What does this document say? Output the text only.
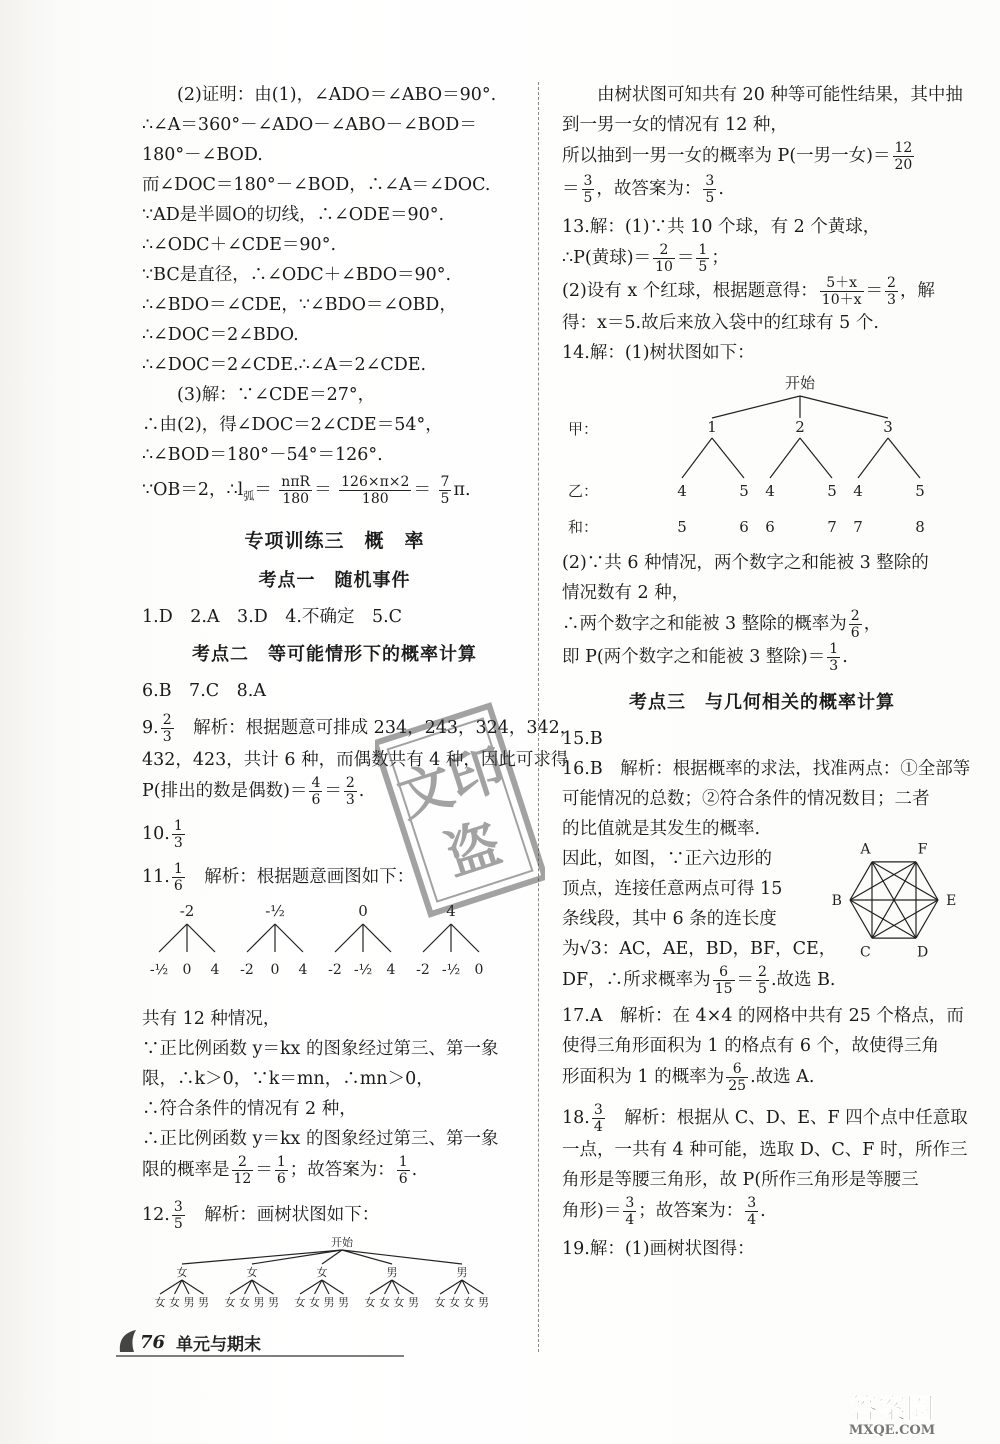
(2)证明：由(1)，∠ADO＝∠ABO＝90°.
∴∠A＝360°－∠ADO－∠ABO－∠BOD＝
180°－∠BOD.
而∠DOC＝180°－∠BOD，∴∠A＝∠DOC.
∵AD是半圆O的切线，∴∠ODE＝90°.
∴∠ODC＋∠CDE＝90°.
∵BC是直径，∴∠ODC＋∠BDO＝90°.
∴∠BDO＝∠CDE，∵∠BDO＝∠OBD，
∴∠DOC＝2∠BDO.
∴∠DOC＝2∠CDE.∴∠A＝2∠CDE.
(3)解：∵∠CDE＝27°，
∴由(2)，得∠DOC＝2∠CDE＝54°，
∴∠BOD＝180°－54°＝126°.
∵OB＝2，$\therefore l_弧= \frac{\text{nπR}}{180} = \frac{126\times\pi\times 2}{180} = \frac{7}{5} \pi$.
专项训练三　概　率
考点一　随机事件
1.D　2.A　3.D　4.不确定　5.C
考点二　等可能情形下的概率计算
6.B　7.C　8.A
9. $\frac{2}{3}$
　 解析：根据题意可排成 234，243，324，342，
432，423，共计 6 种，而偶数共有 4 种，因此可求得
P(排出的数是偶数)＝ $\frac{4}{6} = \frac{2}{3}$ .
10. $\frac{1}{3}$
11. $\frac{1}{6}$
　 解析：根据题意画图如下：
-2
-½ 0 4
-½
-2 0 4
0
-2 -½ 4
4
-2 -½ 0
共有 12 种情况，
∵正比例函数 y＝kx 的图象经过第三、第一象
限，∴k＞0，∵k＝mn，∴mn＞0，
∴符合条件的情况有 2 种，
∴正比例函数 y＝kx 的图象经过第三、第一象
限的概率是 $\frac{2}{12} = \frac{1}{6}$ ；故答案为： $\frac{1}{6}$ .
12. $\frac{3}{5}$
　 解析：画树状图如下：
开始
女
女 女 男 男
女
女 女 男 男
女
女 女 男 男
男
女 女 女 男
男
女 女 女 男
由树状图可知共有 20 种等可能性结果，其中抽
到一男一女的情况有 12 种，
所以抽到一男一女的概率为 P(一男一女)＝ $\frac{12}{20}$
＝ $\frac{3}{5}$ ，故答案为： $\frac{3}{5}$ .
13.解：(1)∵共 10 个球，有 2 个黄球，
∴P(黄球)＝ $\frac{2}{10} = \frac{1}{5}$ ；
(2)设有 x 个红球，根据题意得： $\frac{5+x}{10+x} = \frac{2}{3}$ ，解
得：x＝5.故后来放入袋中的红球有 5 个.
14.解：(1)树状图如下：
开始
甲：
乙：
和：
1
4
5
5
6
2
4
6
5
7
3
4
7
5
8
(2)∵共 6 种情况，两个数字之和能被 3 整除的
情况数有 2 种，
∴两个数字之和能被 3 整除的概率为 $\frac{2}{6}$ ，
即 P(两个数字之和能被 3 整除)＝ $\frac{1}{3}$ .
考点三　与几何相关的概率计算
15.B
16.B　解析：根据概率的求法，找准两点：①全部等
可能情况的总数；②符合条件的情况数目；二者
的比值就是其发生的概率.
因此，如图，∵正六边形的
顶点，连接任意两点可得 15
条线段，其中 6 条的连长度
为√3：AC，AE，BD，BF，CE，
DF，∴所求概率为 $\frac{6}{15} = \frac{2}{5}$ .故选 B.
A	F
E
D
C
B
17.A　解析：在 4×4 的网格中共有 25 个格点，而
使得三角形面积为 1 的格点有 6 个，故使得三角
形面积为 1 的概率为 $\frac{6}{25}$ .故选 A.
18. $\frac{3}{4}$
　 解析：根据从 C、D、E、F 四个点中任意取
一点，一共有 4 种可能，选取 D、C、F 时，所作三
角形是等腰三角形，故 P(所作三角形是等腰三
角形)＝ $\frac{3}{4}$ ；故答案为： $\frac{3}{4}$ .
19.解：(1)画树状图得：
文印
盗
76 单元与期末
答案圈
MXQE.COM
